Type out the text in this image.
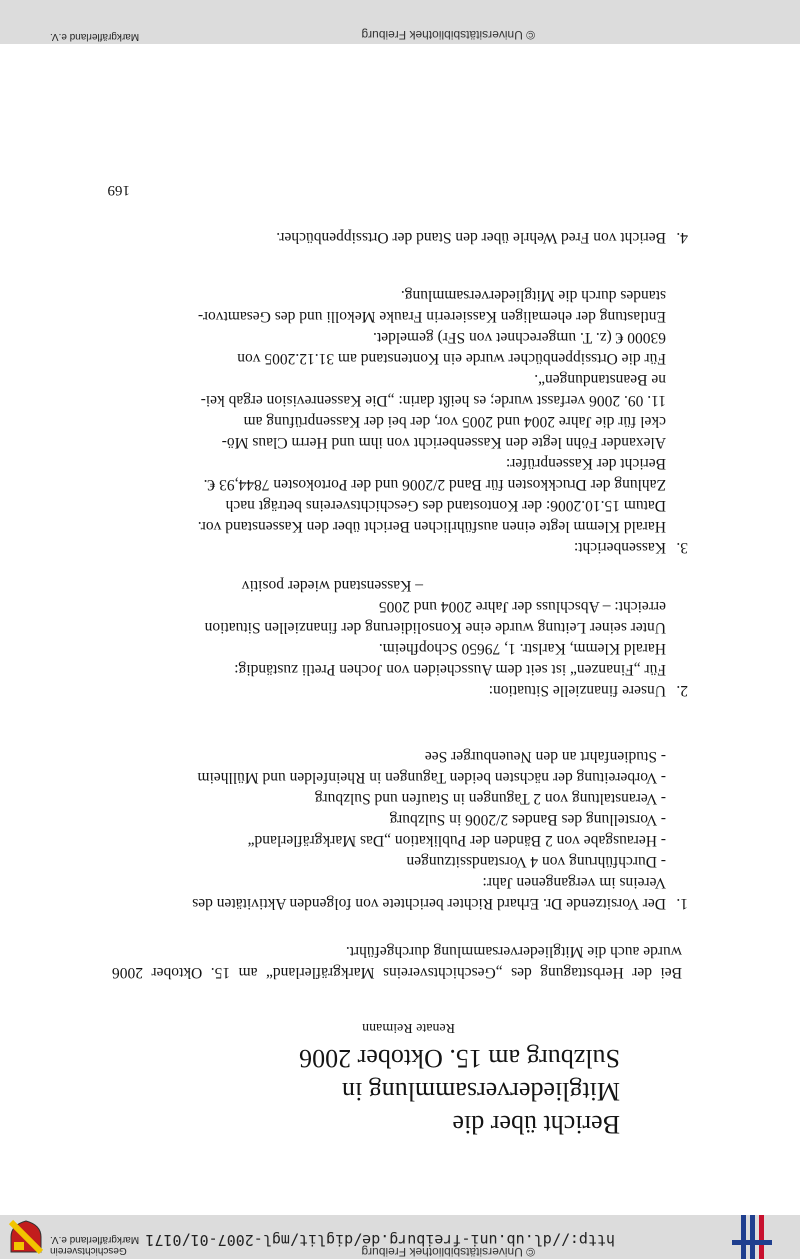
© Universitätsbibliothek Freiburg
http://dl.ub.uni-freiburg.de/diglit/mgl-2007-01/0171
Geschichtsverein
Markgräflerland e.V.
© Universitätsbibliothek Freiburg
Markgräflerland e.V.
Bericht über die Mitgliederversammlung in
Sulzburg am 15. Oktober 2006
Renate Reimann
Bei der Herbsttagung des „Geschichtsvereins Markgräflerland“ am 15. Oktober 2006 wurde auch die Mitgliederversammlung durchgeführt.
1.
Der Vorsitzende Dr. Erhard Richter berichtete von folgenden Aktivitäten des
Vereins im vergangenen Jahr:
- Durchführung von 4 Vorstandssitzungen
- Herausgabe von 2 Bänden der Publikation „Das Markgräflerland“
- Vorstellung des Bandes 2/2006 in Sulzburg
- Veranstaltung von 2 Tagungen in Staufen und Sulzburg
- Vorbereitung der nächsten beiden Tagungen in Rheinfelden und Müllheim
- Studienfahrt an den Neuenburger See
2.
Unsere finanzielle Situation:
Für „Finanzen“ ist seit dem Ausscheiden von Jochen Pretli zuständig:
Harald Klemm, Karlstr. 1, 79650 Schopfheim.
Unter seiner Leitung wurde eine Konsolidierung der finanziellen Situation
erreicht: – Abschluss der Jahre 2004 und 2005
– Kassenstand wieder positiv
3.
Kassenbericht:
Harald Klemm legte einen ausführlichen Bericht über den Kassenstand vor.
Datum 15.10.2006: der Kontostand des Geschichtsvereins beträgt nach
Zahlung der Druckkosten für Band 2/2006 und der Portokosten 7844,93 €.
Bericht der Kassenprüfer:
Alexander Föhn legte den Kassenbericht von ihm und Herrn Claus Mö-
ckel für die Jahre 2004 und 2005 vor, der bei der Kassenprüfung am
11. 09. 2006 verfasst wurde; es heißt darin: „Die Kassenrevision ergab kei-
ne Beanstandungen“.
Für die Ortssippenbücher wurde ein Kontenstand am 31.12.2005 von
63000 € (z. T. umgerechnet von SFr) gemeldet.
Entlastung der ehemaligen Kassiererin Frauke Mekolli und des Gesamtvor-
standes durch die Mitgliederversammlung.
4.
Bericht von Fred Wehrle über den Stand der Ortssippenbücher.
169
